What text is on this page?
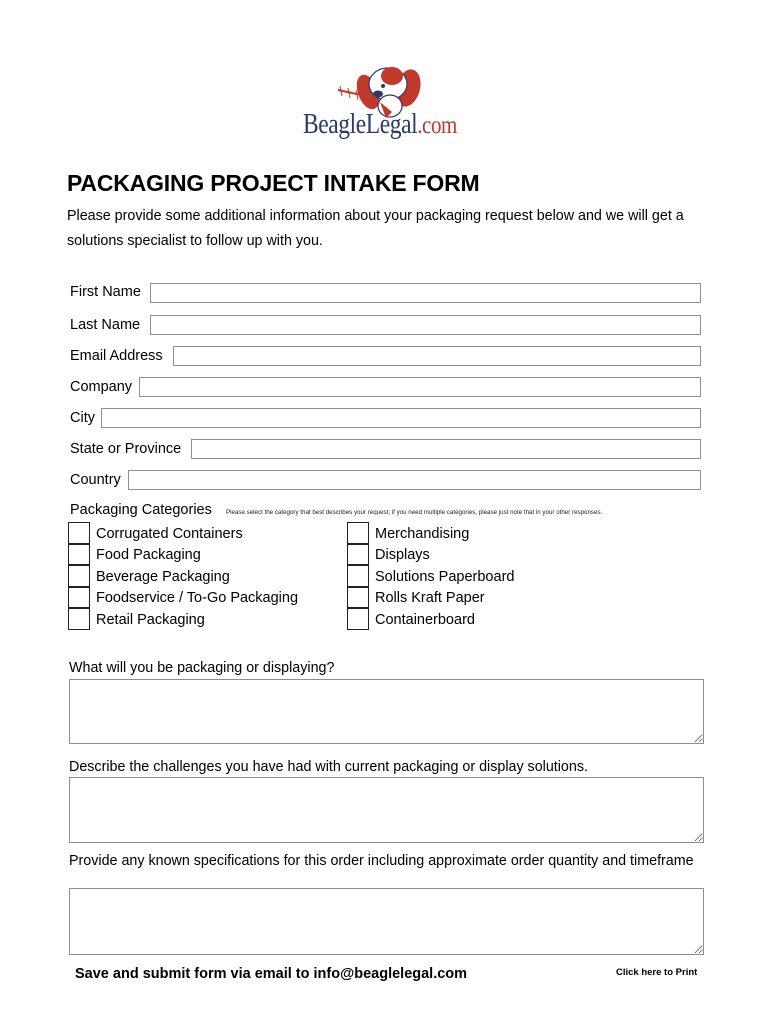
BeagleLegal.com
PACKAGING PROJECT INTAKE FORM
Please provide some additional information about your packaging request below and we will get a solutions specialist to follow up with you.
First Name
Last Name
Email Address
Company
City
State or Province
Country
Packaging Categories Please select the category that best describes your request; if you need multiple categories, please just note that in your other responses.
Corrugated Containers
Food Packaging
Beverage Packaging
Foodservice / To-Go Packaging
Retail Packaging
Merchandising
Displays
Solutions Paperboard
Rolls Kraft Paper
Containerboard
What will you be packaging or displaying?
Describe the challenges you have had with current packaging or display solutions.
Provide any known specifications for this order including approximate order quantity and timeframe
Save and submit form via email to info@beaglelegal.com	Click here to Print
